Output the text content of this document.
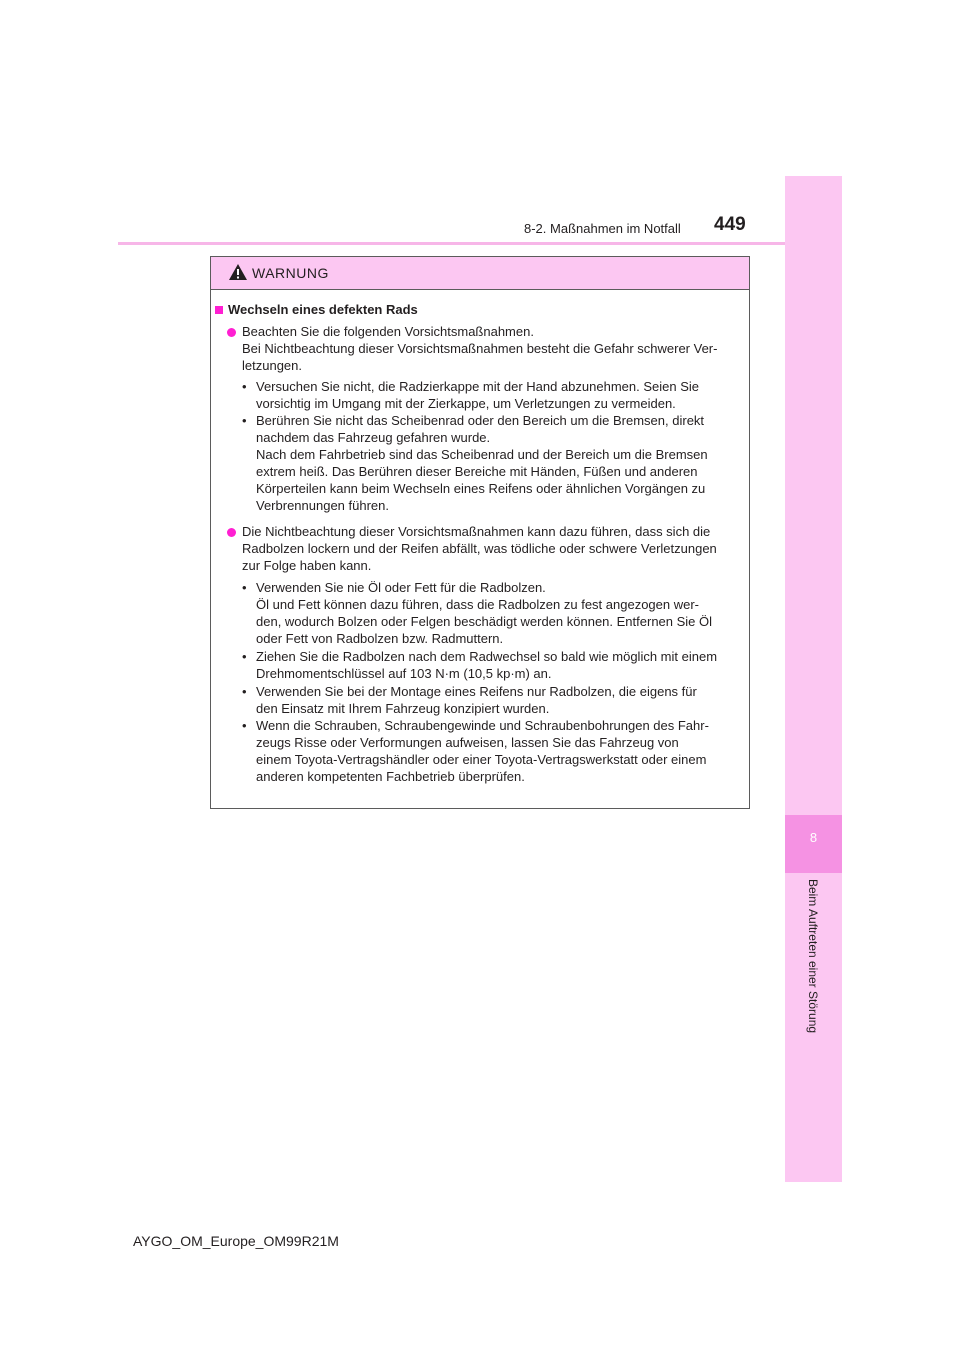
8-2. Maßnahmen im Notfall 449
8
Beim Auftreten einer Störung
WARNUNG
Wechseln eines defekten Rads
Beachten Sie die folgenden Vorsichtsmaßnahmen.
Bei Nichtbeachtung dieser Vorsichtsmaßnahmen besteht die Gefahr schwerer Ver-
letzungen.
• Versuchen Sie nicht, die Radzierkappe mit der Hand abzunehmen. Seien Sie
vorsichtig im Umgang mit der Zierkappe, um Verletzungen zu vermeiden.
• Berühren Sie nicht das Scheibenrad oder den Bereich um die Bremsen, direkt
nachdem das Fahrzeug gefahren wurde.
Nach dem Fahrbetrieb sind das Scheibenrad und der Bereich um die Bremsen
extrem heiß. Das Berühren dieser Bereiche mit Händen, Füßen und anderen
Körperteilen kann beim Wechseln eines Reifens oder ähnlichen Vorgängen zu
Verbrennungen führen.
Die Nichtbeachtung dieser Vorsichtsmaßnahmen kann dazu führen, dass sich die
Radbolzen lockern und der Reifen abfällt, was tödliche oder schwere Verletzungen
zur Folge haben kann.
• Verwenden Sie nie Öl oder Fett für die Radbolzen.
Öl und Fett können dazu führen, dass die Radbolzen zu fest angezogen wer-
den, wodurch Bolzen oder Felgen beschädigt werden können. Entfernen Sie Öl
oder Fett von Radbolzen bzw. Radmuttern.
• Ziehen Sie die Radbolzen nach dem Radwechsel so bald wie möglich mit einem
Drehmomentschlüssel auf 103 N·m (10,5 kp·m) an.
• Verwenden Sie bei der Montage eines Reifens nur Radbolzen, die eigens für
den Einsatz mit Ihrem Fahrzeug konzipiert wurden.
• Wenn die Schrauben, Schraubengewinde und Schraubenbohrungen des Fahr-
zeugs Risse oder Verformungen aufweisen, lassen Sie das Fahrzeug von
einem Toyota-Vertragshändler oder einer Toyota-Vertragswerkstatt oder einem
anderen kompetenten Fachbetrieb überprüfen.
AYGO_OM_Europe_OM99R21M
